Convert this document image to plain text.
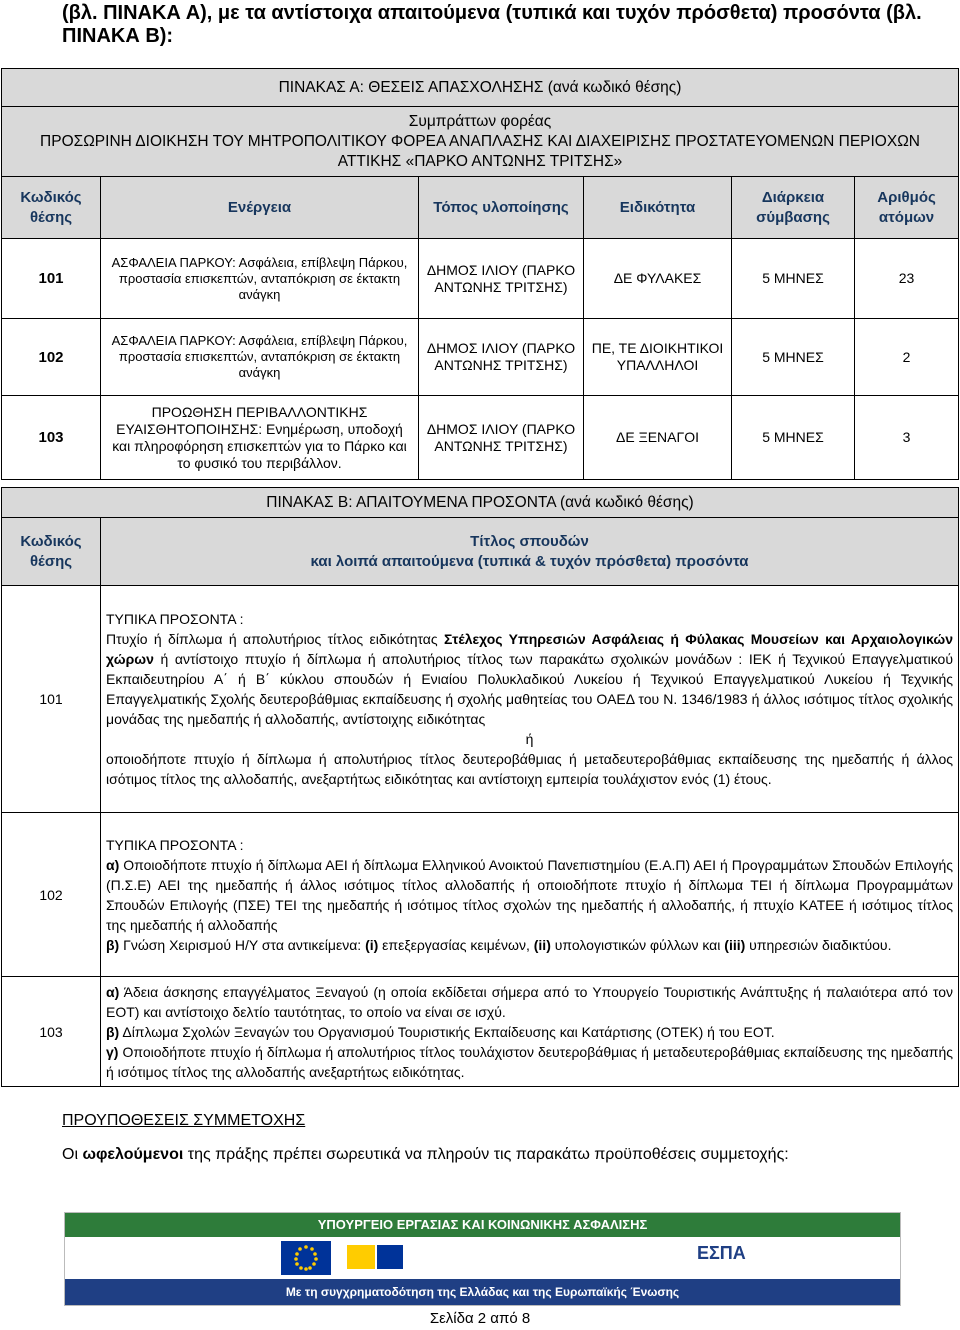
(βλ. ΠΙΝΑΚΑ Α), με τα αντίστοιχα απαιτούμενα (τυπικά και τυχόν πρόσθετα) προσόντα (βλ. ΠΙΝΑΚΑ Β):
ΠΙΝΑΚΑΣ Α: ΘΕΣΕΙΣ ΑΠΑΣΧΟΛΗΣΗΣ (ανά κωδικό θέσης)					

Συμπράττων φορέας
ΠΡΟΣΩΡΙΝΗ ΔΙΟΙΚΗΣΗ ΤΟΥ ΜΗΤΡΟΠΟΛΙΤΙΚΟΥ ΦΟΡΕΑ ΑΝΑΠΛΑΣΗΣ ΚΑΙ ΔΙΑΧΕΙΡΙΣΗΣ ΠΡΟΣΤΑΤΕΥΟΜΕΝΩΝ ΠΕΡΙΟΧΩΝ ΑΤΤΙΚΗΣ «ΠΑΡΚΟ ΑΝΤΩΝΗΣ ΤΡΙΤΣΗΣ»					

Κωδικός θέσης	Ενέργεια	Τόπος υλοποίησης	Ειδικότητα	Διάρκεια σύμβασης	Αριθμός ατόμων
101	ΑΣΦΑΛΕΙΑ ΠΑΡΚΟΥ: Ασφάλεια, επίβλεψη Πάρκου, προστασία επισκεπτών, ανταπόκριση σε έκτακτη ανάγκη	ΔΗΜΟΣ ΙΛΙΟΥ (ΠΑΡΚΟ ΑΝΤΩΝΗΣ ΤΡΙΤΣΗΣ)	ΔΕ ΦΥΛΑΚΕΣ	5 ΜΗΝΕΣ	23
102	ΑΣΦΑΛΕΙΑ ΠΑΡΚΟΥ: Ασφάλεια, επίβλεψη Πάρκου, προστασία επισκεπτών, ανταπόκριση σε έκτακτη ανάγκη	ΔΗΜΟΣ ΙΛΙΟΥ (ΠΑΡΚΟ ΑΝΤΩΝΗΣ ΤΡΙΤΣΗΣ)	ΠΕ, ΤΕ ΔΙΟΙΚΗΤΙΚΟΙ ΥΠΑΛΛΗΛΟΙ	5 ΜΗΝΕΣ	2
103	ΠΡΟΩΘΗΣΗ ΠΕΡΙΒΑΛΛΟΝΤΙΚΗΣ ΕΥΑΙΣΘΗΤΟΠΟΙΗΣΗΣ: Ενημέρωση, υποδοχή και πληροφόρηση επισκεπτών για το Πάρκο και το φυσικό του περιβάλλον.	ΔΗΜΟΣ ΙΛΙΟΥ (ΠΑΡΚΟ ΑΝΤΩΝΗΣ ΤΡΙΤΣΗΣ)	ΔΕ ΞΕΝΑΓΟΙ	5 ΜΗΝΕΣ	3
ΠΙΝΑΚΑΣ Β: ΑΠΑΙΤΟΥΜΕΝΑ ΠΡΟΣΟΝΤΑ (ανά κωδικό θέσης)	
Κωδικός θέσης	Τίτλος σπουδών
και λοιπά απαιτούμενα (τυπικά & τυχόν πρόσθετα) προσόντα

101	ΤΥΠΙΚΑ ΠΡΟΣΟΝΤΑ :
Πτυχίο ή δίπλωμα ή απολυτήριος τίτλος ειδικότητας Στέλεχος Υπηρεσιών Ασφάλειας ή Φύλακας Μουσείων και Αρχαιολογικών χώρων ή αντίστοιχο πτυχίο ή δίπλωμα ή απολυτήριος τίτλος των παρακάτω σχολικών μονάδων : ΙΕΚ ή Τεχνικού Επαγγελματικού Εκπαιδευτηρίου Α΄ ή Β΄ κύκλου σπουδών ή Ενιαίου Πολυκλαδικού Λυκείου ή Τεχνικού Επαγγελματικού Λυκείου ή Τεχνικής Επαγγελματικής Σχολής δευτεροβάθμιας εκπαίδευσης ή σχολής μαθητείας του ΟΑΕΔ του Ν. 1346/1983 ή άλλος ισότιμος τίτλος σχολικής μονάδας της ημεδαπής ή αλλοδαπής, αντίστοιχης ειδικότητας
ή
οποιοδήποτε πτυχίο ή δίπλωμα ή απολυτήριος τίτλος δευτεροβάθμιας ή μεταδευτεροβάθμιας εκπαίδευσης της ημεδαπής ή άλλος ισότιμος τίτλος της αλλοδαπής, ανεξαρτήτως ειδικότητας και αντίστοιχη εμπειρία τουλάχιστον ενός (1) έτους.

102	ΤΥΠΙΚΑ ΠΡΟΣΟΝΤΑ :
α) Οποιοδήποτε πτυχίο ή δίπλωμα ΑΕΙ ή δίπλωμα Ελληνικού Ανοικτού Πανεπιστημίου (Ε.Α.Π) ΑΕΙ ή Προγραμμάτων Σπουδών Επιλογής (Π.Σ.Ε) ΑΕΙ της ημεδαπής ή άλλος ισότιμος τίτλος αλλοδαπής ή οποιοδήποτε πτυχίο ή δίπλωμα ΤΕΙ ή δίπλωμα Προγραμμάτων Σπουδών Επιλογής (ΠΣΕ) ΤΕΙ της ημεδαπής ή ισότιμος τίτλος σχολών της ημεδαπής ή αλλοδαπής, ή πτυχίο ΚΑΤΕΕ ή ισότιμος τίτλος της ημεδαπής ή αλλοδαπής
β) Γνώση Χειρισμού Η/Υ στα αντικείμενα: (i) επεξεργασίας κειμένων, (ii) υπολογιστικών φύλλων και (iii) υπηρεσιών διαδικτύου.

103	α) Άδεια άσκησης επαγγέλματος Ξεναγού (η οποία εκδίδεται σήμερα από το Υπουργείο Τουριστικής Ανάπτυξης ή παλαιότερα από τον ΕΟΤ) και αντίστοιχο δελτίο ταυτότητας, το οποίο να είναι σε ισχύ.
β) Δίπλωμα Σχολών Ξεναγών του Οργανισμού Τουριστικής Εκπαίδευσης και Κατάρτισης (ΟΤΕΚ) ή του ΕΟΤ.
γ) Οποιοδήποτε πτυχίο ή δίπλωμα ή απολυτήριος τίτλος τουλάχιστον δευτεροβάθμιας ή μεταδευτεροβάθμιας εκπαίδευσης της ημεδαπής ή ισότιμος τίτλος της αλλοδαπής ανεξαρτήτως ειδικότητας.
ΠΡΟΥΠΟΘΕΣΕΙΣ ΣΥΜΜΕΤΟΧΗΣ
Οι ωφελούμενοι της πράξης πρέπει σωρευτικά να πληρούν τις παρακάτω προϋποθέσεις συμμετοχής:
ΥΠΟΥΡΓΕΙΟ ΕΡΓΑΣΙΑΣ ΚΑΙ ΚΟΙΝΩΝΙΚΗΣ ΑΣΦΑΛΙΣΗΣ
ΕΣΠΑ
Με τη συγχρηματοδότηση της Ελλάδας και της Ευρωπαϊκής Ένωσης
Σελίδα 2 από 8
